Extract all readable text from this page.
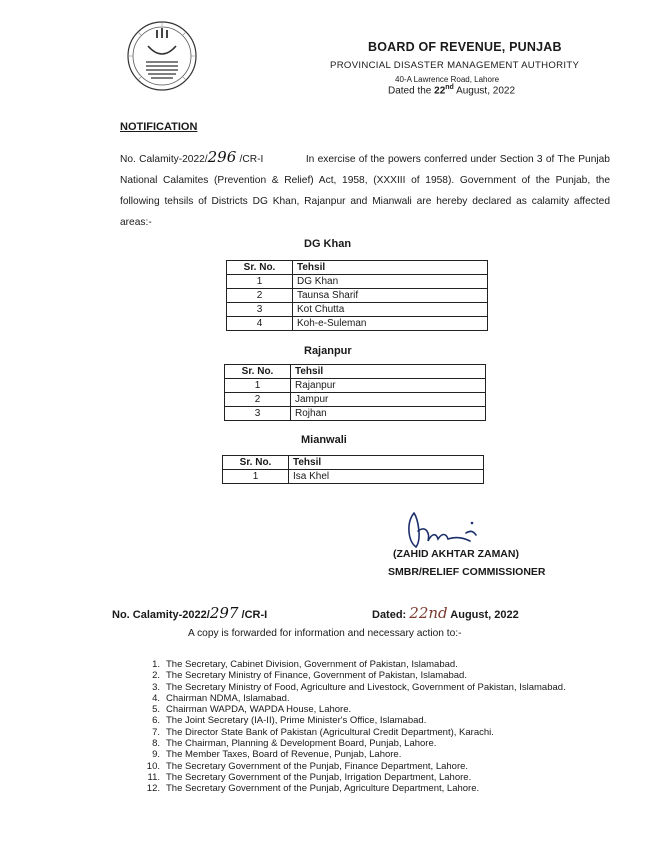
BOARD OF REVENUE, PUNJAB
PROVINCIAL DISASTER MANAGEMENT AUTHORITY
40-A Lawrence Road, Lahore
Dated the 22nd August, 2022
NOTIFICATION

No. Calamity-2022/296 /CR-I	In exercise of the powers conferred under Section 3 of The Punjab National Calamites (Prevention & Relief) Act, 1958, (XXXIII of 1958). Government of the Punjab, the following tehsils of Districts DG Khan, Rajanpur and Mianwali are hereby declared as calamity affected areas:-

DG Khan
Sr. No.	Tehsil
1	DG Khan
2	Taunsa Sharif
3	Kot Chutta
4	Koh-e-Suleman
Rajanpur
Sr. No.	Tehsil
1	Rajanpur
2	Jampur
3	Rojhan
Mianwali
Sr. No.	Tehsil
1	Isa Khel
(ZAHID AKHTAR ZAMAN)
SMBR/RELIEF COMMISSIONER
No. Calamity-2022/297 /CR-I	Dated: 22nd August, 2022
A copy is forwarded for information and necessary action to:-
1. The Secretary, Cabinet Division, Government of Pakistan, Islamabad.
2. The Secretary Ministry of Finance, Government of Pakistan, Islamabad.
3. The Secretary Ministry of Food, Agriculture and Livestock, Government of Pakistan, Islamabad.
4. Chairman NDMA, Islamabad.
5. Chairman WAPDA, WAPDA House, Lahore.
6. The Joint Secretary (IA-II), Prime Minister's Office, Islamabad.
7. The Director State Bank of Pakistan (Agricultural Credit Department), Karachi.
8. The Chairman, Planning & Development Board, Punjab, Lahore.
9. The Member Taxes, Board of Revenue, Punjab, Lahore.
10. The Secretary Government of the Punjab, Finance Department, Lahore.
11. The Secretary Government of the Punjab, Irrigation Department, Lahore.
12. The Secretary Government of the Punjab, Agriculture Department, Lahore.
